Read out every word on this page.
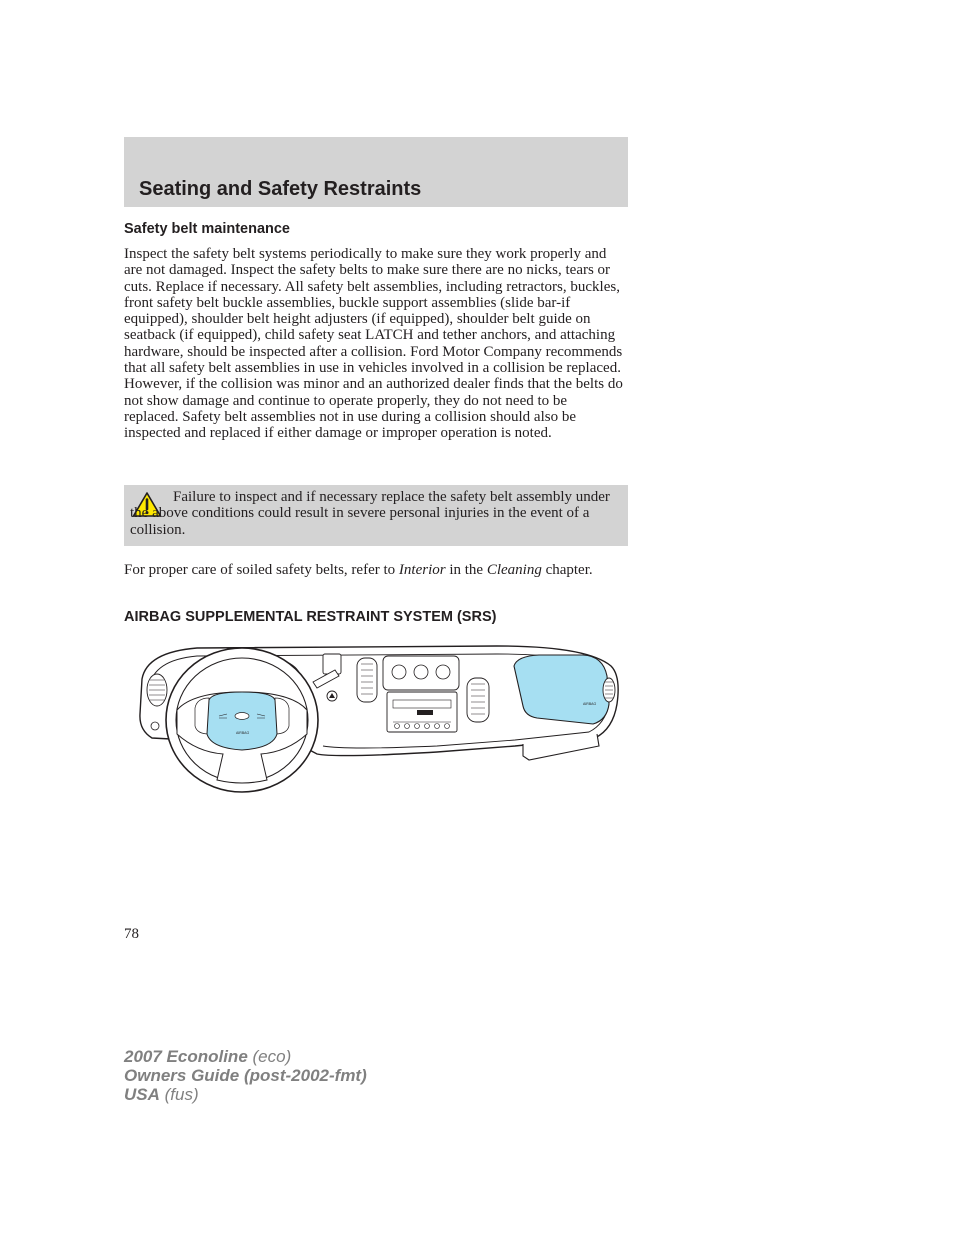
Seating and Safety Restraints
Safety belt maintenance

Inspect the safety belt systems periodically to make sure they work properly and are not damaged. Inspect the safety belts to make sure there are no nicks, tears or cuts. Replace if necessary. All safety belt assemblies, including retractors, buckles, front safety belt buckle assemblies, buckle support assemblies (slide bar-if equipped), shoulder belt height adjusters (if equipped), shoulder belt guide on seatback (if equipped), child safety seat LATCH and tether anchors, and attaching hardware, should be inspected after a collision. Ford Motor Company recommends that all safety belt assemblies in use in vehicles involved in a collision be replaced. However, if the collision was minor and an authorized dealer finds that the belts do not show damage and continue to operate properly, they do not need to be replaced. Safety belt assemblies not in use during a collision should also be inspected and replaced if either damage or improper operation is noted.

Failure to inspect and if necessary replace the safety belt assembly under the above conditions could result in severe personal injuries in the event of a collision.

For proper care of soiled safety belts, refer to Interior in the Cleaning chapter.

AIRBAG SUPPLEMENTAL RESTRAINT SYSTEM (SRS)
AIRBAG
AIRBAG

78

2007 Econoline (eco)
Owners Guide (post-2002-fmt)
USA (fus)
